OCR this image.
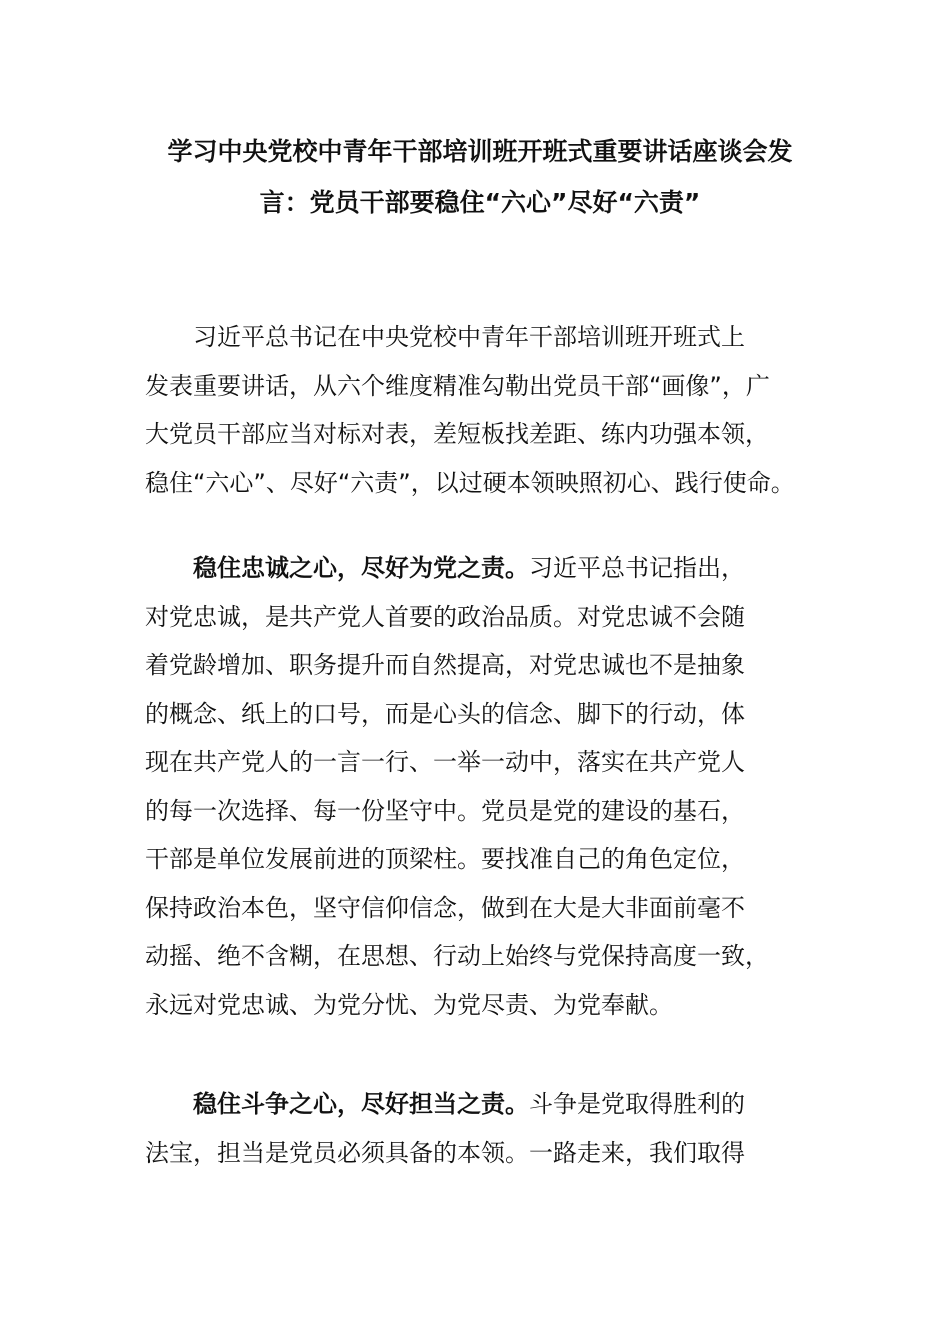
学习中央党校中青年干部培训班开班式重要讲话座谈会发
言：党员干部要稳住“六心”尽好“六责”
习近平总书记在中央党校中青年干部培训班开班式上
发表重要讲话，从六个维度精准勾勒出党员干部“画像”，广
大党员干部应当对标对表，差短板找差距、练内功强本领，
稳住“六心”、尽好“六责”，以过硬本领映照初心、践行使命。
稳住忠诚之心，尽好为党之责。习近平总书记指出，
对党忠诚，是共产党人首要的政治品质。对党忠诚不会随
着党龄增加、职务提升而自然提高，对党忠诚也不是抽象
的概念、纸上的口号，而是心头的信念、脚下的行动，体
现在共产党人的一言一行、一举一动中，落实在共产党人
的每一次选择、每一份坚守中。党员是党的建设的基石，
干部是单位发展前进的顶梁柱。要找准自己的角色定位，
保持政治本色，坚守信仰信念，做到在大是大非面前毫不
动摇、绝不含糊，在思想、行动上始终与党保持高度一致，
永远对党忠诚、为党分忧、为党尽责、为党奉献。
稳住斗争之心，尽好担当之责。斗争是党取得胜利的
法宝，担当是党员必须具备的本领。一路走来，我们取得
